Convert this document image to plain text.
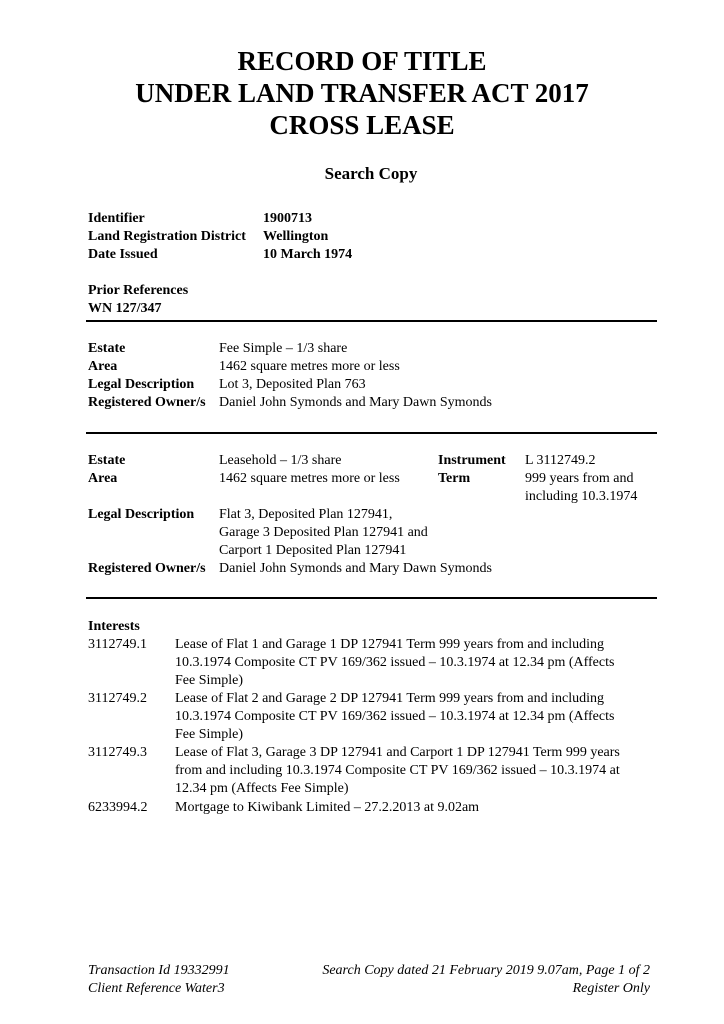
RECORD OF TITLE
UNDER LAND TRANSFER ACT 2017
CROSS LEASE
Search Copy
Identifier	1900713
Land Registration District Wellington
Date Issued	10 March 1974
Prior References
WN 127/347
Estate	Fee Simple – 1/3 share
Area	1462 square metres more or less
Legal Description Lot 3, Deposited Plan 763
Registered Owner/s Daniel John Symonds and Mary Dawn Symonds
Estate	Leasehold – 1/3 share	Instrument L 3112749.2
Area	1462 square metres more or less	Term	999 years from and
including 10.3.1974
Legal Description Flat 3, Deposited Plan 127941,
Garage 3 Deposited Plan 127941 and
Carport 1 Deposited Plan 127941
Registered Owner/s Daniel John Symonds and Mary Dawn Symonds
Interests
3112749.1 Lease of Flat 1 and Garage 1 DP 127941 Term 999 years from and including
10.3.1974 Composite CT PV 169/362 issued – 10.3.1974 at 12.34 pm (Affects
Fee Simple)
3112749.2 Lease of Flat 2 and Garage 2 DP 127941 Term 999 years from and including
10.3.1974 Composite CT PV 169/362 issued – 10.3.1974 at 12.34 pm (Affects
Fee Simple)
3112749.3 Lease of Flat 3, Garage 3 DP 127941 and Carport 1 DP 127941 Term 999 years
from and including 10.3.1974 Composite CT PV 169/362 issued – 10.3.1974 at
12.34 pm (Affects Fee Simple)
6233994.2 Mortgage to Kiwibank Limited – 27.2.2013 at 9.02am
Transaction Id 19332991
Client Reference Water3
Search Copy dated 21 February 2019 9.07am, Page 1 of 2
Register Only
